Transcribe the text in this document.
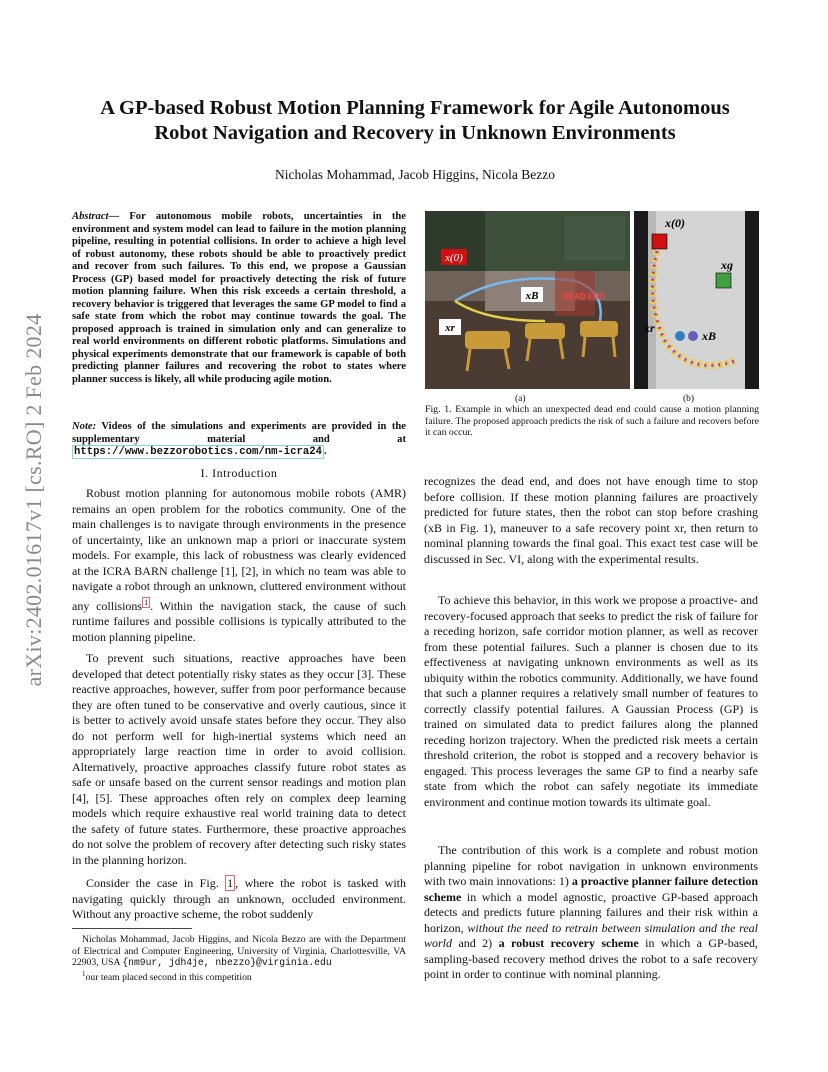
arXiv:2402.01617v1 [cs.RO] 2 Feb 2024
A GP-based Robust Motion Planning Framework for Agile Autonomous
Robot Navigation and Recovery in Unknown Environments
Nicholas Mohammad, Jacob Higgins, Nicola Bezzo
Abstract— For autonomous mobile robots, uncertainties in the environment and system model can lead to failure in the motion planning pipeline, resulting in potential collisions. In order to achieve a high level of robust autonomy, these robots should be able to proactively predict and recover from such failures. To this end, we propose a Gaussian Process (GP) based model for proactively detecting the risk of future motion planning failure. When this risk exceeds a certain threshold, a recovery behavior is triggered that leverages the same GP model to find a safe state from which the robot may continue towards the goal. The proposed approach is trained in simulation only and can generalize to real world environments on different robotic platforms. Simulations and physical experiments demonstrate that our framework is capable of both predicting planner failures and recovering the robot to states where planner success is likely, all while producing agile motion.
Note: Videos of the simulations and experiments are provided in the supplementary material and at https://www.bezzorobotics.com/nm-icra24 .
I. Introduction
Robust motion planning for autonomous mobile robots (AMR) remains an open problem for the robotics community. One of the main challenges is to navigate through environments in the presence of uncertainty, like an unknown map a priori or inaccurate system models. For example, this lack of robustness was clearly evidenced at the ICRA BARN challenge [1], [2], in which no team was able to navigate a robot through an unknown, cluttered environment without any collisions $^1$ . Within the navigation stack, the cause of such runtime failures and possible collisions is typically attributed to the motion planning pipeline.
To prevent such situations, reactive approaches have been developed that detect potentially risky states as they occur [3]. These reactive approaches, however, suffer from poor performance because they are often tuned to be conservative and overly cautious, since it is better to actively avoid unsafe states before they occur. They also do not perform well for high-inertial systems which need an appropriately large reaction time in order to avoid collision. Alternatively, proactive approaches classify future robot states as safe or unsafe based on the current sensor readings and motion plan [4], [5]. These approaches often rely on complex deep learning models which require exhaustive real world training data to detect the safety of future states. Furthermore, these proactive approaches do not solve the problem of recovery after detecting such risky states in the planning horizon.
Consider the case in Fig. 1 , where the robot is tasked with navigating quickly through an unknown, occluded environment. Without any proactive scheme, the robot suddenly
Nicholas Mohammad, Jacob Higgins, and Nicola Bezzo are with the Department of Electrical and Computer Engineering, University of Virginia, Charlottesville, VA 22903, USA {nm9ur, jdh4je, nbezzo}@virginia.edu
$^1$our team placed second in this competition
x(0)
xB
xr
DEAD END
x(0)
xg
xr
xB
(a)	(b)
Fig. 1. Example in which an unexpected dead end could cause a motion planning failure. The proposed approach predicts the risk of such a failure and recovers before it can occur.
recognizes the dead end, and does not have enough time to stop before collision. If these motion planning failures are proactively predicted for future states, then the robot can stop before crashing (xB in Fig. 1), maneuver to a safe recovery point xr, then return to nominal planning towards the final goal. This exact test case will be discussed in Sec. VI, along with the experimental results.
To achieve this behavior, in this work we propose a proactive- and recovery-focused approach that seeks to predict the risk of failure for a receding horizon, safe corridor motion planner, as well as recover from these potential failures. Such a planner is chosen due to its effectiveness at navigating unknown environments as well as its ubiquity within the robotics community. Additionally, we have found that such a planner requires a relatively small number of features to correctly classify potential failures. A Gaussian Process (GP) is trained on simulated data to predict failures along the planned receding horizon trajectory. When the predicted risk meets a certain threshold criterion, the robot is stopped and a recovery behavior is engaged. This process leverages the same GP to find a nearby safe state from which the robot can safely negotiate its immediate environment and continue motion towards its ultimate goal.
The contribution of this work is a complete and robust motion planning pipeline for robot navigation in unknown environments with two main innovations: 1) a proactive planner failure detection scheme in which a model agnostic, proactive GP-based approach detects and predicts future planning failures and their risk within a horizon, without the need to retrain between simulation and the real world and 2) a robust recovery scheme in which a GP-based, sampling-based recovery method drives the robot to a safe recovery point in order to continue with nominal planning.
